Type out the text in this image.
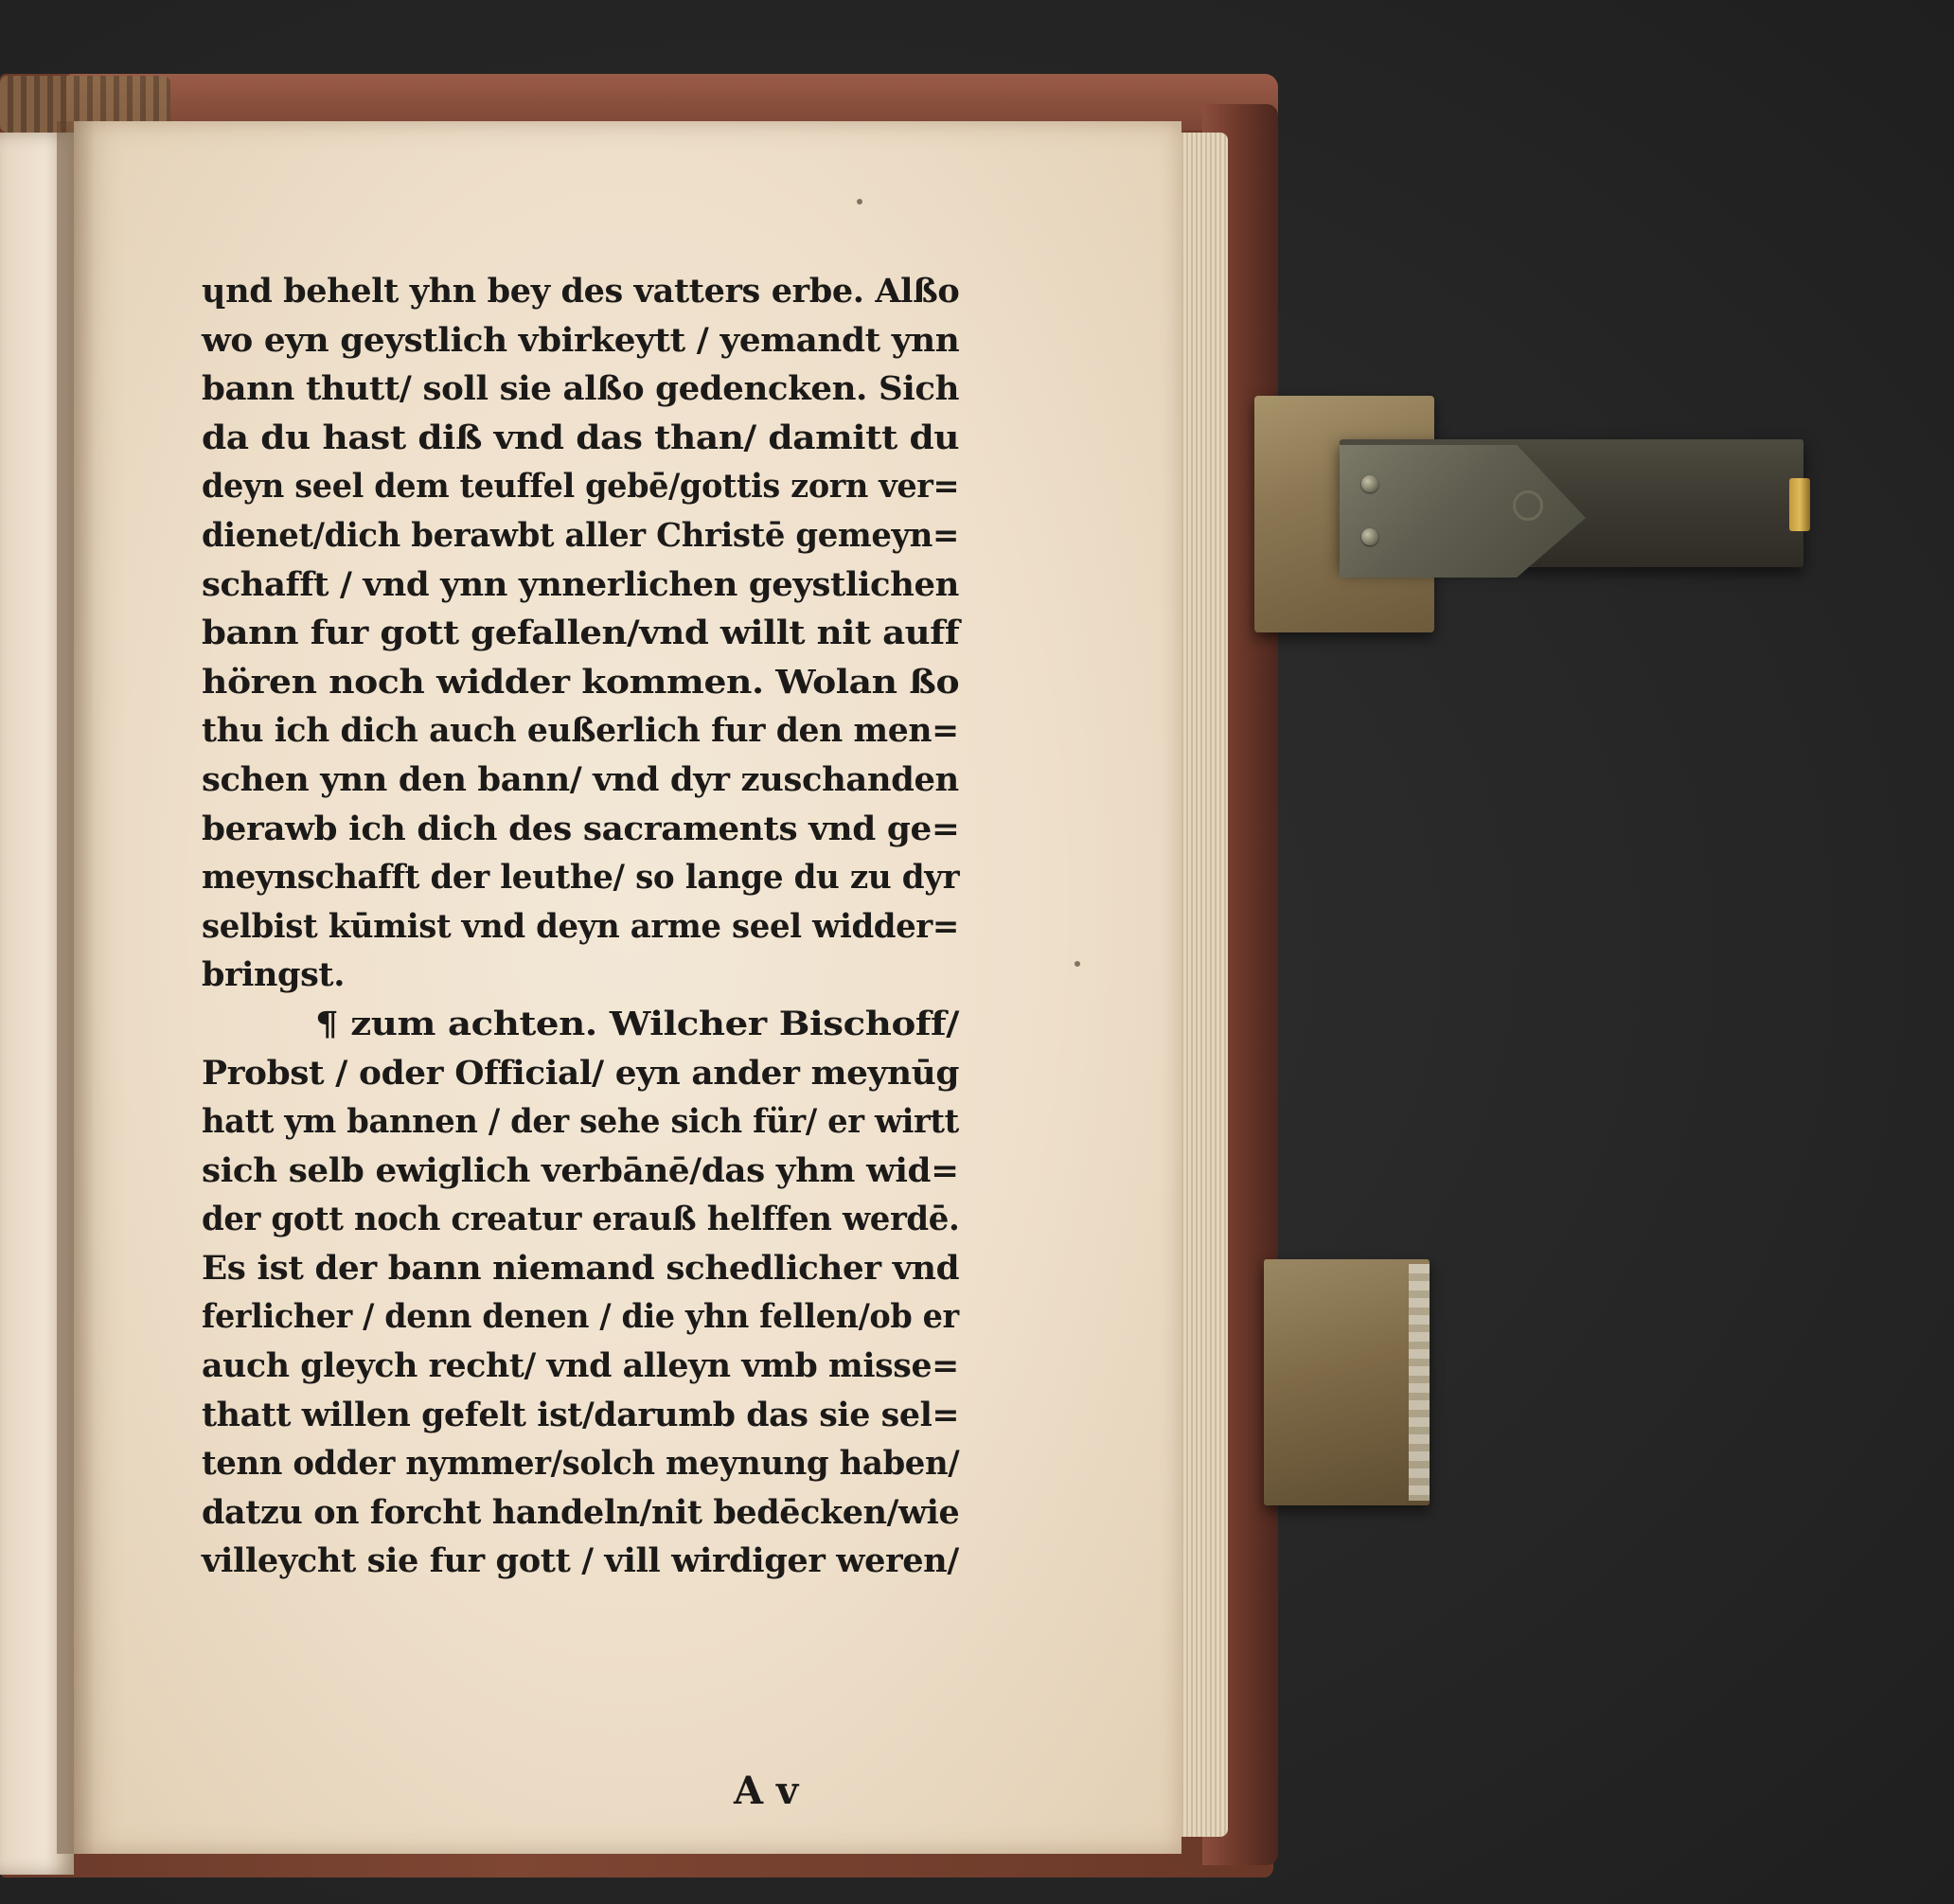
ɥnd behelt yhn bey des vatters erbe. Alßo
wo eyn geystlich vbirkeytt / yemandt ynn
bann thutt/ soll sie alßo gedencken. Sich
da du hast diß vnd das than/ damitt du
deyn seel dem teuffel gebē/gottis zorn ver=
dienet/dich berawbt aller Christē gemeyn=
schafft / vnd ynn ynnerlichen geystlichen
bann fur gott gefallen/vnd willt nit auff
hören noch widder kommen. Wolan ßo
thu ich dich auch eußerlich fur den men=
schen ynn den bann/ vnd dyr zuschanden
berawb ich dich des sacraments vnd ge=
meynschafft der leuthe/ so lange du zu dyr
selbist kūmist vnd deyn arme seel widder=
bringst.
¶ zum achten. Wilcher Bischoff/
Probst / oder Official/ eyn ander meynūg
hatt ym bannen / der sehe sich für/ er wirtt
sich selb ewiglich verbānē/das yhm wid=
der gott noch creatur erauß helffen werdē.
Es ist der bann niemand schedlicher vnd
ferlicher / denn denen / die yhn fellen/ob er
auch gleych recht/ vnd alleyn vmb misse=
thatt willen gefelt ist/darumb das sie sel=
tenn odder nymmer/solch meynung haben/
datzu on forcht handeln/nit bedēcken/wie
villeycht sie fur gott / vill wirdiger weren/
A v
